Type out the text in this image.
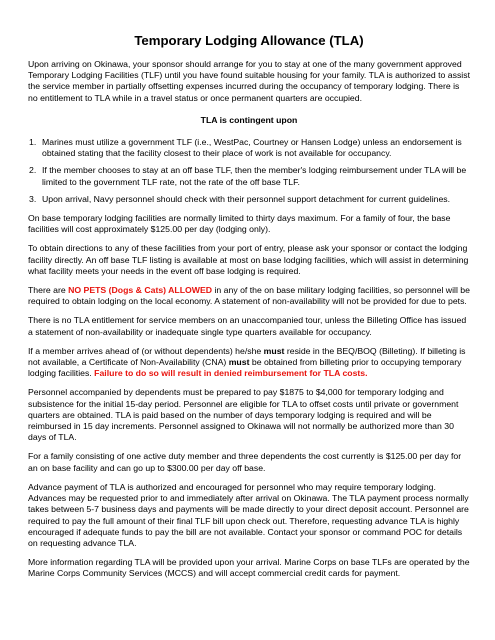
Temporary Lodging Allowance (TLA)

Upon arriving on Okinawa, your sponsor should arrange for you to stay at one of the many government approved Temporary Lodging Facilities (TLF) until you have found suitable housing for your family. TLA is authorized to assist the service member in partially offsetting expenses incurred during the occupancy of temporary lodging. There is no entitlement to TLA while in a travel status or once permanent quarters are occupied.

TLA is contingent upon

1. Marines must utilize a government TLF (i.e., WestPac, Courtney or Hansen Lodge) unless an endorsement is obtained stating that the facility closest to their place of work is not available for occupancy.
2. If the member chooses to stay at an off base TLF, then the member's lodging reimbursement under TLA will be limited to the government TLF rate, not the rate of the off base TLF.
3. Upon arrival, Navy personnel should check with their personnel support detachment for current guidelines.

On base temporary lodging facilities are normally limited to thirty days maximum. For a family of four, the base facilities will cost approximately $125.00 per day (lodging only).

To obtain directions to any of these facilities from your port of entry, please ask your sponsor or contact the lodging facility directly. An off base TLF listing is available at most on base lodging facilities, which will assist in determining what facility meets your needs in the event off base lodging is required.

There are NO PETS (Dogs & Cats) ALLOWED in any of the on base military lodging facilities, so personnel will be required to obtain lodging on the local economy. A statement of non-availability will not be provided for due to pets.

There is no TLA entitlement for service members on an unaccompanied tour, unless the Billeting Office has issued a statement of non-availability or inadequate single type quarters available for occupancy.

If a member arrives ahead of (or without dependents) he/she must reside in the BEQ/BOQ (Billeting). If billeting is not available, a Certificate of Non-Availability (CNA) must be obtained from billeting prior to occupying temporary lodging facilities. Failure to do so will result in denied reimbursement for TLA costs.

Personnel accompanied by dependents must be prepared to pay $1875 to $4,000 for temporary lodging and subsistence for the initial 15-day period. Personnel are eligible for TLA to offset costs until private or government quarters are obtained. TLA is paid based on the number of days temporary lodging is required and will be reimbursed in 15 day increments. Personnel assigned to Okinawa will not normally be authorized more than 30 days of TLA.

For a family consisting of one active duty member and three dependents the cost currently is $125.00 per day for an on base facility and can go up to $300.00 per day off base.

Advance payment of TLA is authorized and encouraged for personnel who may require temporary lodging. Advances may be requested prior to and immediately after arrival on Okinawa. The TLA payment process normally takes between 5-7 business days and payments will be made directly to your direct deposit account. Personnel are required to pay the full amount of their final TLF bill upon check out. Therefore, requesting advance TLA is highly encouraged if adequate funds to pay the bill are not available. Contact your sponsor or command POC for details on requesting advance TLA.

More information regarding TLA will be provided upon your arrival. Marine Corps on base TLFs are operated by the Marine Corps Community Services (MCCS) and will accept commercial credit cards for payment.
